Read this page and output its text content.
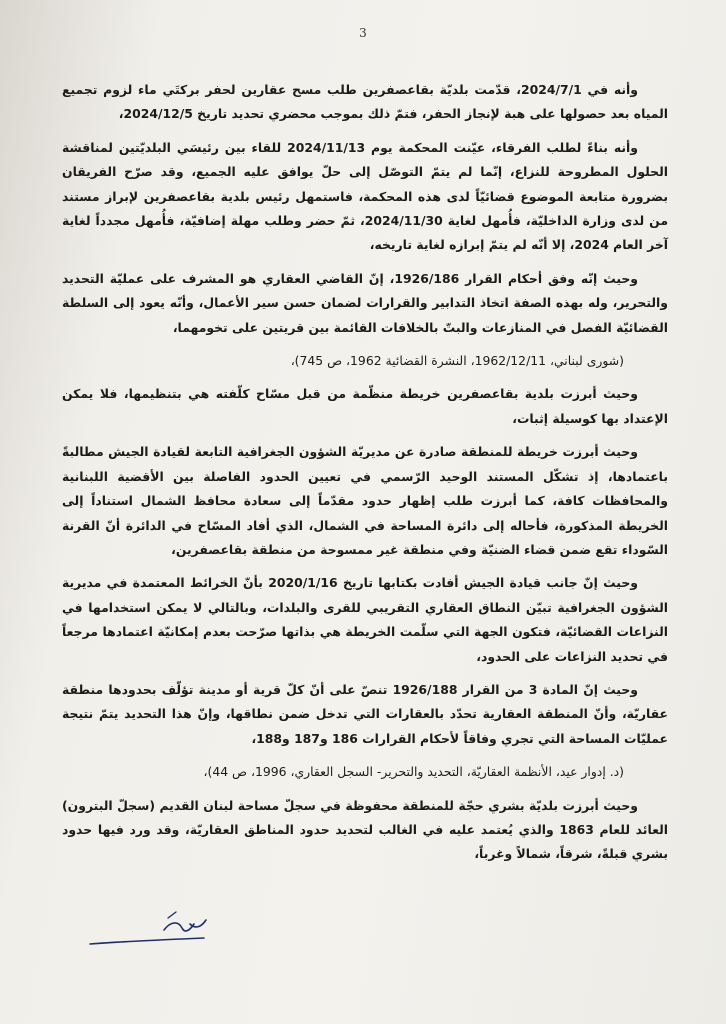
3

وأنه في 2024/7/1، قدّمت بلديّة بقاعصفرين طلب مسح عقارين لحفر بركتَي ماء لزوم تجميع المياه بعد حصولها على هبة لإنجاز الحفر، فتمّ ذلك بموجب محضري تحديد تاريخ 2024/12/5،

وأنه بناءً لطلب الفرقاء، عيّنت المحكمة يوم 2024/11/13 للقاء بين رئيسَي البلديّتين لمناقشة الحلول المطروحة للنزاع، إنّما لم يتمّ التوصّل إلى حلّ يوافق عليه الجميع، وقد صرّح الفريقان بضرورة متابعة الموضوع قضائيّاً لدى هذه المحكمة، فاستمهل رئيس بلدية بقاعصفرين لإبراز مستند من لدى وزارة الداخليّة، فأُمهل لغاية 2024/11/30، ثمّ حضر وطلب مهلة إضافيّة، فأُمهل مجدداً لغاية آخر العام 2024، إلا أنّه لم يتمّ إبرازه لغاية تاريخه،

وحيث إنّه وفق أحكام القرار 1926/186، إنّ القاضي العقاري هو المشرف على عمليّة التحديد والتحرير، وله بهذه الصفة اتخاذ التدابير والقرارات لضمان حسن سير الأعمال، وأنّه يعود إلى السلطة القضائيّة الفصل في المنازعات والبتّ بالخلافات القائمة بين قريتين على تخومهما،

(شورى لبناني، 1962/12/11، النشرة القضائية 1962، ص 745)،

وحيث أبرزت بلدية بقاعصفرين خريطة منظّمة من قبل مسّاح كلّفته هي بتنظيمها، فلا يمكن الإعتداد بها كوسيلة إثبات،

وحيث أبرزت خريطة للمنطقة صادرة عن مديريّة الشؤون الجغرافية التابعة لقيادة الجيش مطالبةً باعتمادها، إذ تشكّل المستند الوحيد الرّسمي في تعيين الحدود الفاصلة بين الأقضية اللبنانية والمحافظات كافة، كما أبرزت طلب إظهار حدود مقدّماً إلى سعادة محافظ الشمال استناداً إلى الخريطة المذكورة، فأحاله إلى دائرة المساحة في الشمال، الذي أفاد المسّاح في الدائرة أنّ القرنة السّوداء تقع ضمن قضاء الضنيّة وفي منطقة غير ممسوحة من منطقة بقاعصفرين،

وحيث إنّ جانب قيادة الجيش أفادت بكتابها تاريخ 2020/1/16 بأنّ الخرائط المعتمدة في مديرية الشؤون الجغرافية تبيّن النطاق العقاري التقريبي للقرى والبلدات، وبالتالي لا يمكن استخدامها في النزاعات القضائيّة، فتكون الجهة التي سلّمت الخريطة هي بذاتها صرّحت بعدم إمكانيّة اعتمادها مرجعاً في تحديد النزاعات على الحدود،

وحيث إنّ المادة 3 من القرار 1926/188 تنصّ على أنّ كلّ قرية أو مدينة تؤلّف بحدودها منطقة عقاريّة، وأنّ المنطقة العقارية تحدّد بالعقارات التي تدخل ضمن نطاقها، وإنّ هذا التحديد يتمّ نتيجة عمليّات المساحة التي تجري وفاقاً لأحكام القرارات 186 و187 و188،

(د. إدوار عيد، الأنظمة العقاريّة، التحديد والتحرير- السجل العقاري، 1996، ص 44)،

وحيث أبرزت بلديّة بشري حجّة للمنطقة محفوظة في سجلّ مساحة لبنان القديم (سجلّ البترون) العائد للعام 1863 والذي يُعتمد عليه في الغالب لتحديد حدود المناطق العقاريّة، وقد ورد فيها حدود بشري قبلةً، شرقاً، شمالاً وغرباً،
